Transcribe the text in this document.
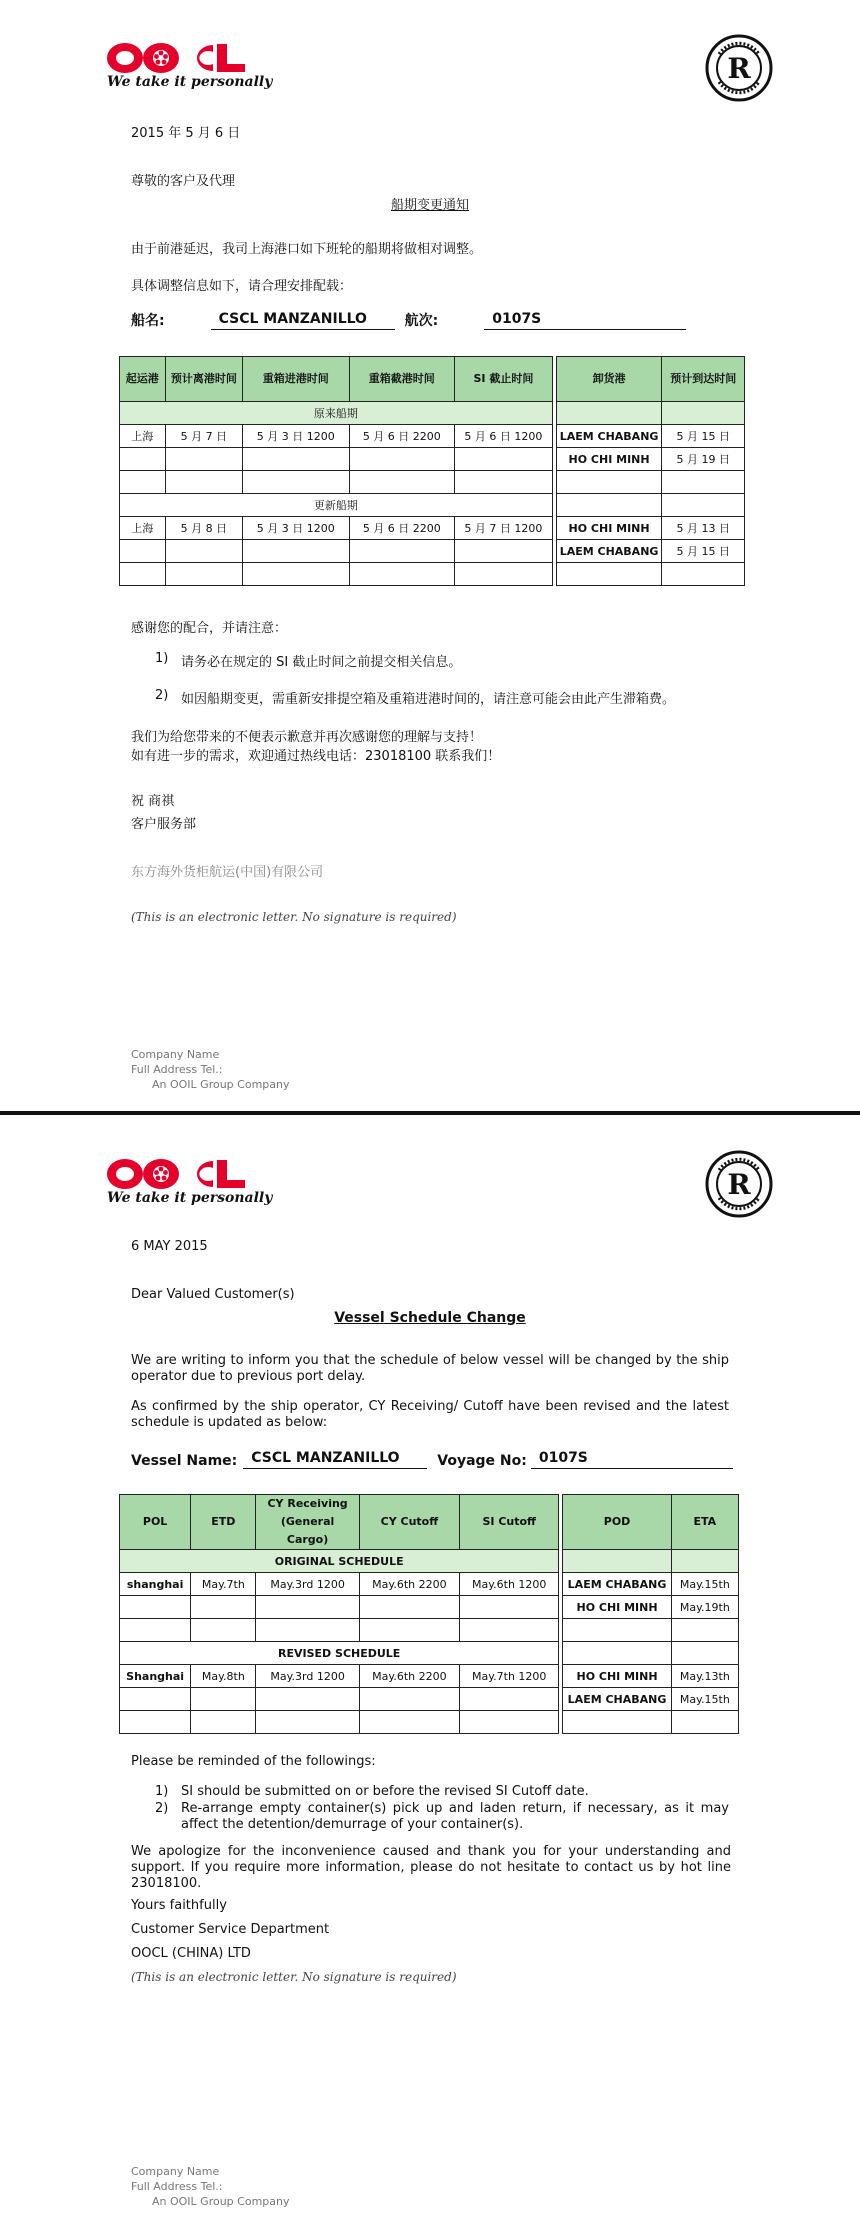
We take it personally	R
2015 年 5 月 6 日
尊敬的客户及代理
船期变更通知
由于前港延迟，我司上海港口如下班轮的船期将做相对调整。
具体调整信息如下，请合理安排配载：
船名:	CSCL MANZANILLO	航次:	0107S
起运港	预计离港时间	重箱进港时间	重箱截港时间	SI 截止时间		卸货港	预计到达时间
原来船期							
上海	5 月 7 日	5 月 3 日 1200	5 月 6 日 2200	5 月 6 日 1200		LAEM CHABANG	5 月 15 日
						HO CHI MINH	5 月 19 日

更新船期							
上海	5 月 8 日	5 月 3 日 1200	5 月 6 日 2200	5 月 7 日 1200		HO CHI MINH	5 月 13 日
						LAEM CHABANG	5 月 15 日

感谢您的配合，并请注意：
1) 请务必在规定的 SI 截止时间之前提交相关信息。
2) 如因船期变更，需重新安排提空箱及重箱进港时间的，请注意可能会由此产生滞箱费。
我们为给您带来的不便表示歉意并再次感谢您的理解与支持！
如有进一步的需求，欢迎通过热线电话：23018100 联系我们！
祝 商祺
客户服务部
东方海外货柜航运(中国)有限公司
(This is an electronic letter. No signature is required)
Company Name
Full Address Tel.:
An OOIL Group Company
We take it personally	R
6 MAY 2015
Dear Valued Customer(s)
Vessel Schedule Change
We are writing to inform you that the schedule of below vessel will be changed by the ship operator due to previous port delay.
As confirmed by the ship operator, CY Receiving/ Cutoff have been revised and the latest schedule is updated as below:
Vessel Name:	CSCL MANZANILLO	Voyage No: 0107S
POL	ETD	CY Receiving (General Cargo)	CY Cutoff	SI Cutoff		POD	ETA
ORIGINAL SCHEDULE							
shanghai	May.7th	May.3rd 1200	May.6th 2200	May.6th 1200		LAEM CHABANG	May.15th
						HO CHI MINH	May.19th

REVISED SCHEDULE							
Shanghai	May.8th	May.3rd 1200	May.6th 2200	May.7th 1200		HO CHI MINH	May.13th
						LAEM CHABANG	May.15th

Please be reminded of the followings:
1) SI should be submitted on or before the revised SI Cutoff date.
2) Re-arrange empty container(s) pick up and laden return, if necessary, as it may affect the detention/demurrage of your container(s).
We apologize for the inconvenience caused and thank you for your understanding and support. If you require more information, please do not hesitate to contact us by hot line 23018100.
Yours faithfully
Customer Service Department
OOCL (CHINA) LTD
(This is an electronic letter. No signature is required)
Company Name
Full Address Tel.:
An OOIL Group Company
